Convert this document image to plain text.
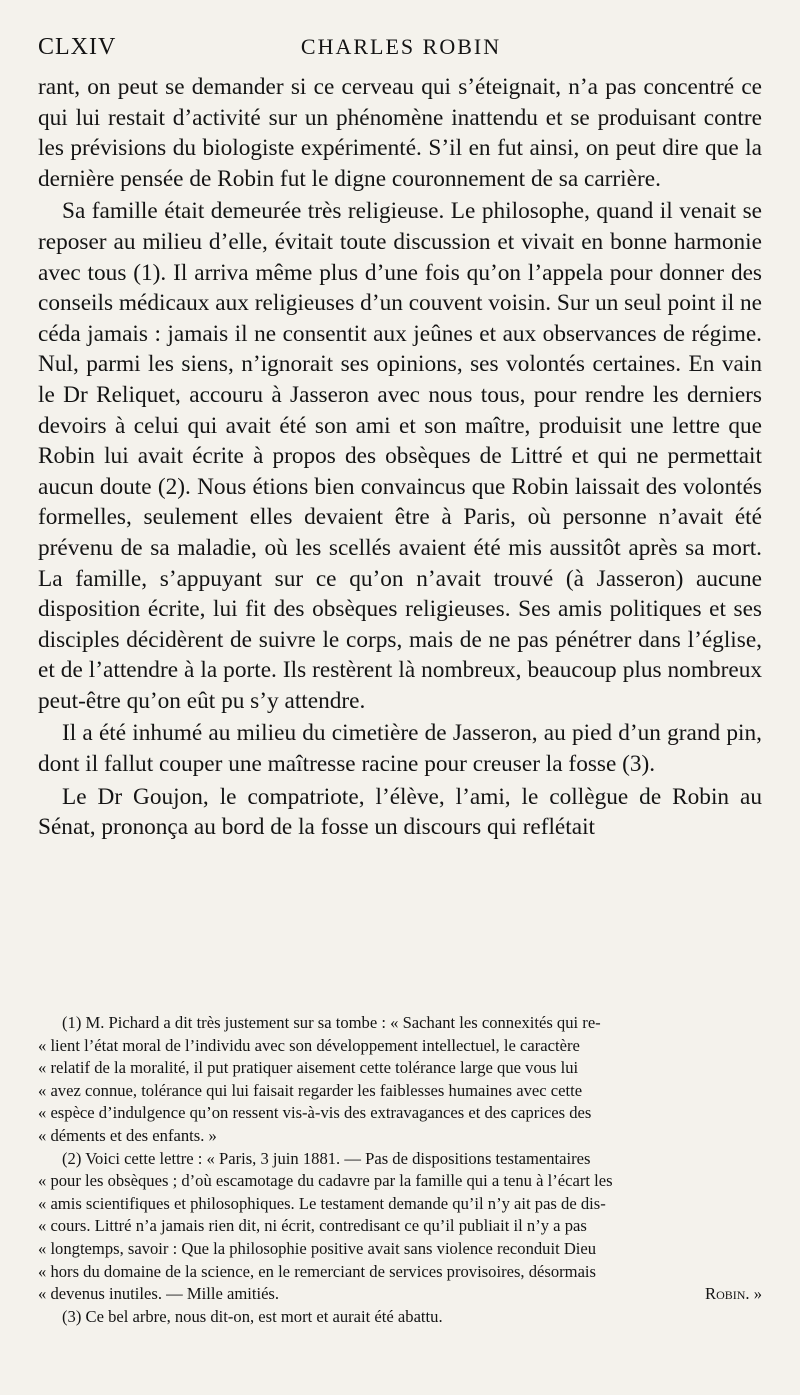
CLXIV	CHARLES ROBIN

rant, on peut se demander si ce cerveau qui s’éteignait, n’a pas concentré ce qui lui restait d’activité sur un phénomène inattendu et se produisant contre les prévisions du biologiste expérimenté. S’il en fut ainsi, on peut dire que la dernière pensée de Robin fut le digne couronnement de sa carrière.

Sa famille était demeurée très religieuse. Le philosophe, quand il venait se reposer au milieu d’elle, évitait toute discussion et vivait en bonne harmonie avec tous (1). Il arriva même plus d’une fois qu’on l’appela pour donner des conseils médicaux aux religieuses d’un couvent voisin. Sur un seul point il ne céda jamais : jamais il ne consentit aux jeûnes et aux observances de régime. Nul, parmi les siens, n’ignorait ses opinions, ses volontés certaines. En vain le Dr Reliquet, accouru à Jasseron avec nous tous, pour rendre les derniers devoirs à celui qui avait été son ami et son maître, produisit une lettre que Robin lui avait écrite à propos des obsèques de Littré et qui ne permettait aucun doute (2). Nous étions bien convaincus que Robin laissait des volontés formelles, seulement elles devaient être à Paris, où personne n’avait été prévenu de sa maladie, où les scellés avaient été mis aussitôt après sa mort. La famille, s’appuyant sur ce qu’on n’avait trouvé (à Jasseron) aucune disposition écrite, lui fit des obsèques religieuses. Ses amis politiques et ses disciples décidèrent de suivre le corps, mais de ne pas pénétrer dans l’église, et de l’attendre à la porte. Ils restèrent là nombreux, beaucoup plus nombreux peut-être qu’on eût pu s’y attendre.

Il a été inhumé au milieu du cimetière de Jasseron, au pied d’un grand pin, dont il fallut couper une maîtresse racine pour creuser la fosse (3).

Le Dr Goujon, le compatriote, l’élève, l’ami, le collègue de Robin au Sénat, prononça au bord de la fosse un discours qui reflétait

(1) M. Pichard a dit très justement sur sa tombe : « Sachant les connexités qui re-
« lient l’état moral de l’individu avec son développement intellectuel, le caractère
« relatif de la moralité, il put pratiquer aisement cette tolérance large que vous lui
« avez connue, tolérance qui lui faisait regarder les faiblesses humaines avec cette
« espèce d’indulgence qu’on ressent vis-à-vis des extravagances et des caprices des
« déments et des enfants. »
(2) Voici cette lettre : « Paris, 3 juin 1881. — Pas de dispositions testamentaires
« pour les obsèques ; d’où escamotage du cadavre par la famille qui a tenu à l’écart les
« amis scientifiques et philosophiques. Le testament demande qu’il n’y ait pas de dis-
« cours. Littré n’a jamais rien dit, ni écrit, contredisant ce qu’il publiait il n’y a pas
« longtemps, savoir : Que la philosophie positive avait sans violence reconduit Dieu
« hors du domaine de la science, en le remerciant de services provisoires, désormais
« devenus inutiles. — Mille amitiés.	Robin. »
(3) Ce bel arbre, nous dit-on, est mort et aurait été abattu.
